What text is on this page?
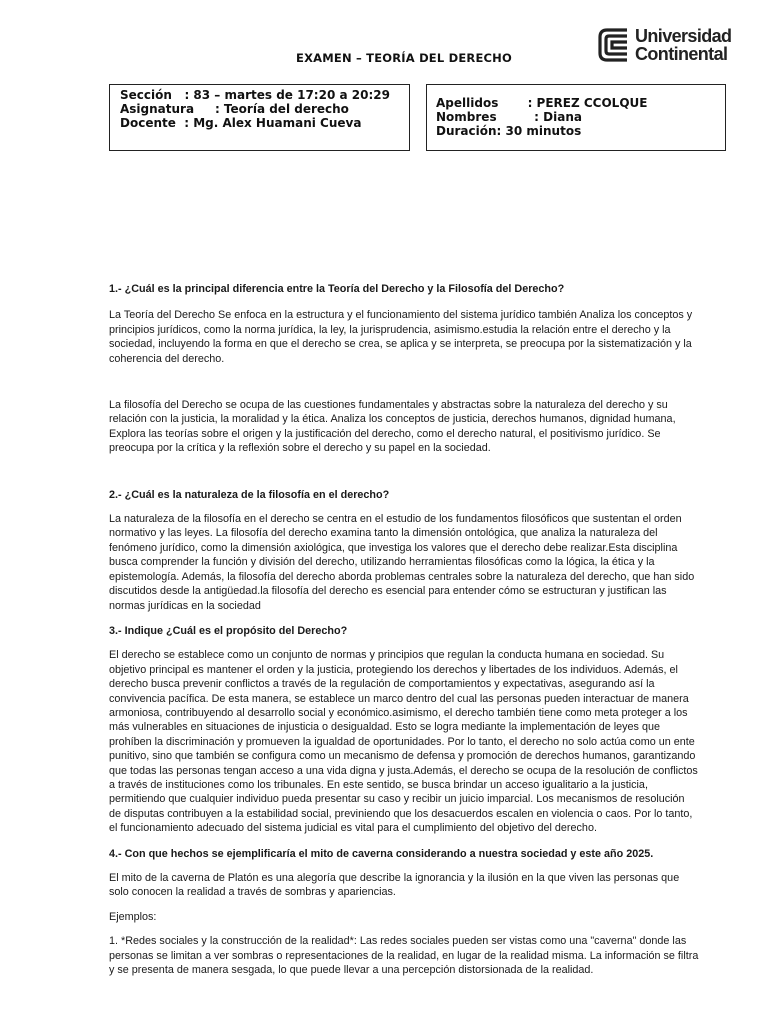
EXAMEN – TEORÍA DEL DERECHO
Universidad
Continental
Sección   : 83 – martes de 17:20 a 20:29
Asignatura     : Teoría del derecho
Docente  : Mg. Alex Huamani Cueva
Apellidos       : PEREZ CCOLQUE
Nombres         : Diana
Duración: 30 minutos

1.- ¿Cuál es la principal diferencia entre la Teoría del Derecho y la Filosofía del Derecho?

La Teoría del Derecho Se enfoca en la estructura y el funcionamiento del sistema jurídico también Analiza los conceptos y principios jurídicos, como la norma jurídica, la ley, la jurisprudencia, asimismo.estudia la relación entre el derecho y la sociedad, incluyendo la forma en que el derecho se crea, se aplica y se interpreta, se preocupa por la sistematización y la coherencia del derecho.

La filosofía del Derecho se ocupa de las cuestiones fundamentales y abstractas sobre la naturaleza del derecho y su relación con la justicia, la moralidad y la ética. Analiza los conceptos de justicia, derechos humanos, dignidad humana, Explora las teorías sobre el origen y la justificación del derecho, como el derecho natural, el positivismo jurídico. Se preocupa por la crítica y la reflexión sobre el derecho y su papel en la sociedad.

2.- ¿Cuál es la naturaleza de la filosofía en el derecho?

La naturaleza de la filosofía en el derecho se centra en el estudio de los fundamentos filosóficos que sustentan el orden normativo y las leyes. La filosofía del derecho examina tanto la dimensión ontológica, que analiza la naturaleza del fenómeno jurídico, como la dimensión axiológica, que investiga los valores que el derecho debe realizar.Esta disciplina busca comprender la función y división del derecho, utilizando herramientas filosóficas como la lógica, la ética y la epistemología. Además, la filosofía del derecho aborda problemas centrales sobre la naturaleza del derecho, que han sido discutidos desde la antigüedad.la filosofía del derecho es esencial para entender cómo se estructuran y justifican las normas jurídicas en la sociedad

3.- Indique ¿Cuál es el propósito del Derecho?

El derecho se establece como un conjunto de normas y principios que regulan la conducta humana en sociedad. Su objetivo principal es mantener el orden y la justicia, protegiendo los derechos y libertades de los individuos. Además, el derecho busca prevenir conflictos a través de la regulación de comportamientos y expectativas, asegurando así la convivencia pacífica. De esta manera, se establece un marco dentro del cual las personas pueden interactuar de manera armoniosa, contribuyendo al desarrollo social y económico.asimismo, el derecho también tiene como meta proteger a los más vulnerables en situaciones de injusticia o desigualdad. Esto se logra mediante la implementación de leyes que prohíben la discriminación y promueven la igualdad de oportunidades. Por lo tanto, el derecho no solo actúa como un ente punitivo, sino que también se configura como un mecanismo de defensa y promoción de derechos humanos, garantizando que todas las personas tengan acceso a una vida digna y justa.Además, el derecho se ocupa de la resolución de conflictos a través de instituciones como los tribunales. En este sentido, se busca brindar un acceso igualitario a la justicia, permitiendo que cualquier individuo pueda presentar su caso y recibir un juicio imparcial. Los mecanismos de resolución de disputas contribuyen a la estabilidad social, previniendo que los desacuerdos escalen en violencia o caos. Por lo tanto, el funcionamiento adecuado del sistema judicial es vital para el cumplimiento del objetivo del derecho.

4.- Con que hechos se ejemplificaría el mito de caverna considerando a nuestra sociedad y este año 2025.

El mito de la caverna de Platón es una alegoría que describe la ignorancia y la ilusión en la que viven las personas que solo conocen la realidad a través de sombras y apariencias.

Ejemplos:

1. *Redes sociales y la construcción de la realidad*: Las redes sociales pueden ser vistas como una "caverna" donde las personas se limitan a ver sombras o representaciones de la realidad, en lugar de la realidad misma. La información se filtra y se presenta de manera sesgada, lo que puede llevar a una percepción distorsionada de la realidad.
